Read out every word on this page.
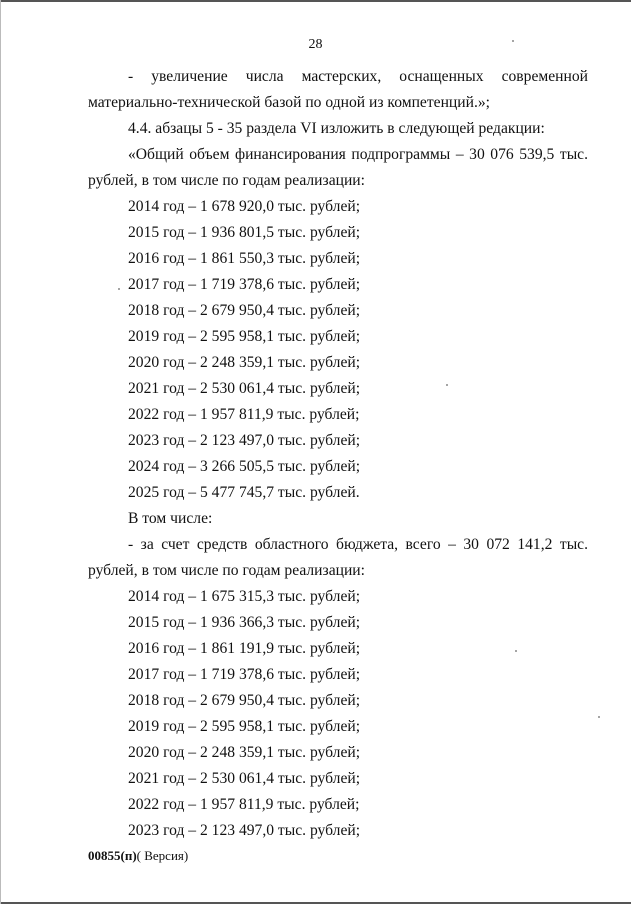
28

- увеличение числа мастерских, оснащенных современной материально-технической базой по одной из компетенций.»;

4.4. абзацы 5 - 35 раздела VI изложить в следующей редакции:

«Общий объем финансирования подпрограммы – 30 076 539,5 тыс. рублей, в том числе по годам реализации:

2014 год – 1 678 920,0 тыс. рублей;

2015 год – 1 936 801,5 тыс. рублей;

2016 год – 1 861 550,3 тыс. рублей;

2017 год – 1 719 378,6 тыс. рублей;

2018 год – 2 679 950,4 тыс. рублей;

2019 год – 2 595 958,1 тыс. рублей;

2020 год – 2 248 359,1 тыс. рублей;

2021 год – 2 530 061,4 тыс. рублей;

2022 год – 1 957 811,9 тыс. рублей;

2023 год – 2 123 497,0 тыс. рублей;

2024 год – 3 266 505,5 тыс. рублей;

2025 год – 5 477 745,7 тыс. рублей.

В том числе:

- за счет средств областного бюджета, всего – 30 072 141,2 тыс. рублей, в том числе по годам реализации:

2014 год – 1 675 315,3 тыс. рублей;

2015 год – 1 936 366,3 тыс. рублей;

2016 год – 1 861 191,9 тыс. рублей;

2017 год – 1 719 378,6 тыс. рублей;

2018 год – 2 679 950,4 тыс. рублей;

2019 год – 2 595 958,1 тыс. рублей;

2020 год – 2 248 359,1 тыс. рублей;

2021 год – 2 530 061,4 тыс. рублей;

2022 год – 1 957 811,9 тыс. рублей;

2023 год – 2 123 497,0 тыс. рублей;

00855(п)( Версия)
